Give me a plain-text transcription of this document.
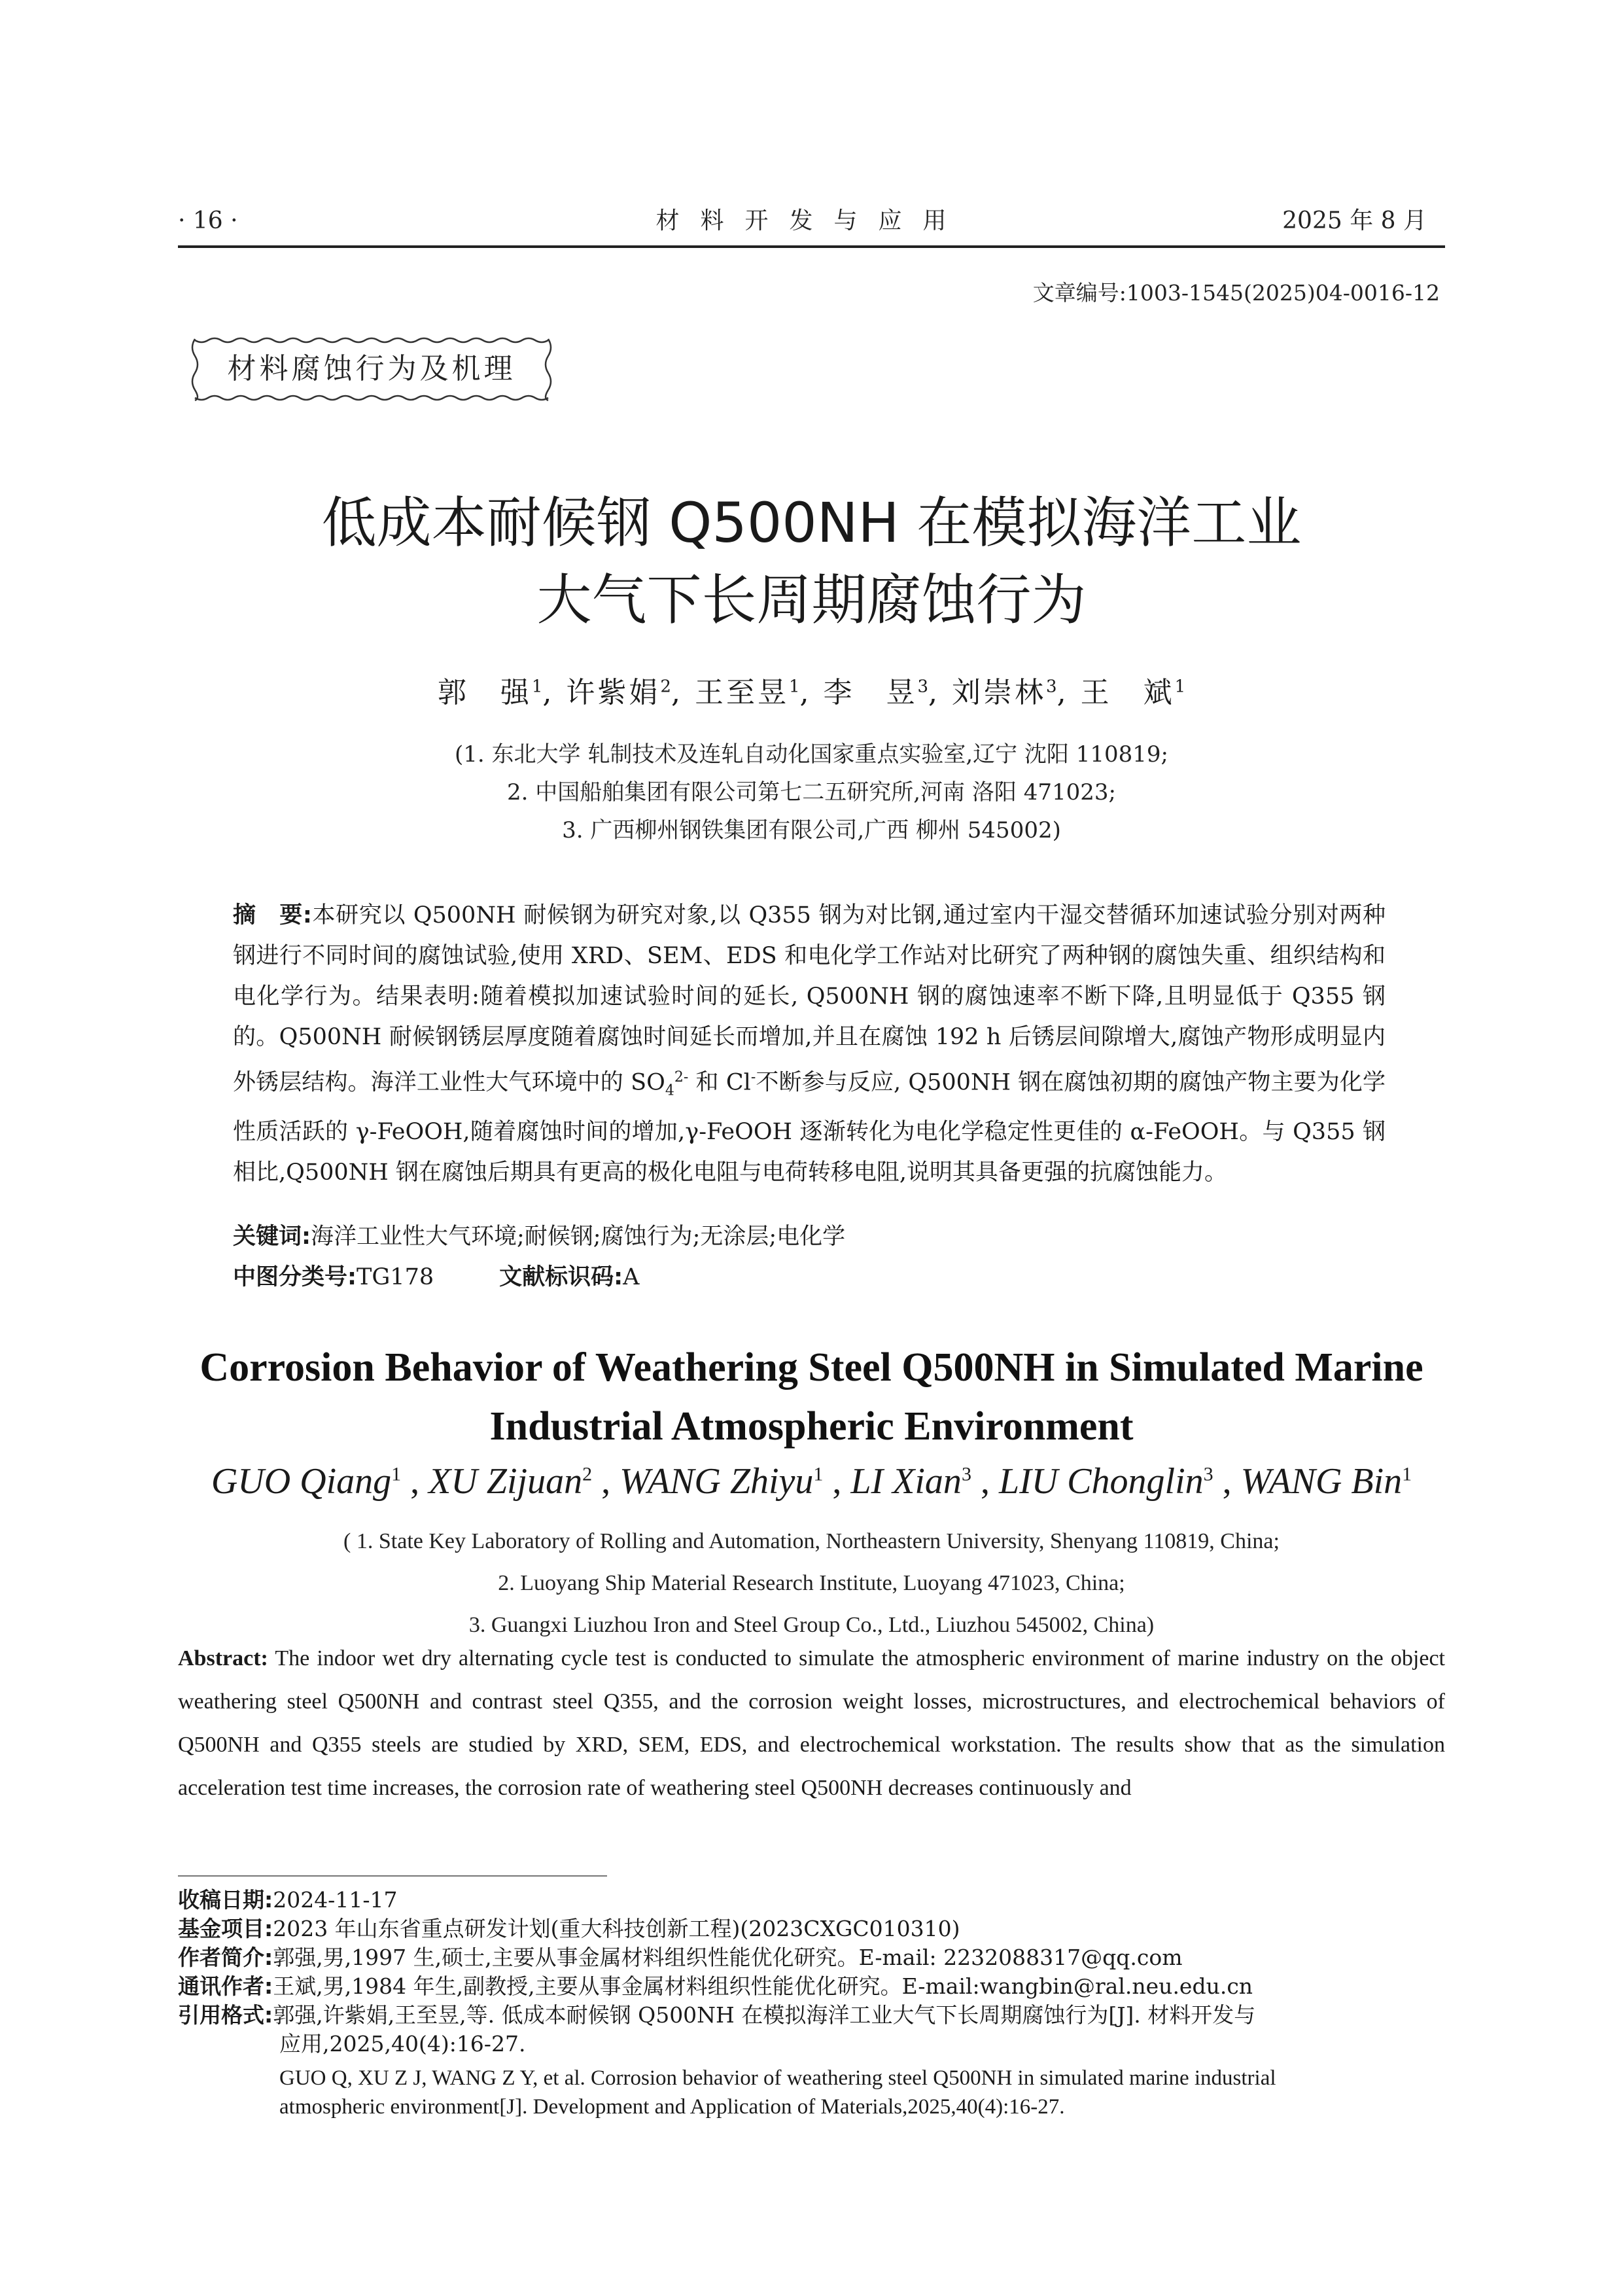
· 16 ·	材料开发与应用	2025 年 8 月
文章编号:1003-1545(2025)04-0016-12
材料腐蚀行为及机理
低成本耐候钢 Q500NH 在模拟海洋工业
大气下长周期腐蚀行为
郭　强$^1$, 许紫娟$^2$, 王至昱$^1$, 李　昱$^3$, 刘崇林$^3$, 王　斌$^1$
(1. 东北大学 轧制技术及连轧自动化国家重点实验室,辽宁 沈阳 110819;
2. 中国船舶集团有限公司第七二五研究所,河南 洛阳 471023;
3. 广西柳州钢铁集团有限公司,广西 柳州 545002)
摘　要:本研究以 Q500NH 耐候钢为研究对象,以 Q355 钢为对比钢,通过室内干湿交替循环加速试验分别对两种钢进行不同时间的腐蚀试验,使用 XRD、SEM、EDS 和电化学工作站对比研究了两种钢的腐蚀失重、组织结构和电化学行为。结果表明:随着模拟加速试验时间的延长, Q500NH 钢的腐蚀速率不断下降,且明显低于 Q355 钢的。Q500NH 耐候钢锈层厚度随着腐蚀时间延长而增加,并且在腐蚀 192 h 后锈层间隙增大,腐蚀产物形成明显内外锈层结构。海洋工业性大气环境中的 $SO_4^{2-}$ 和 Cl-不断参与反应, Q500NH 钢在腐蚀初期的腐蚀产物主要为化学性质活跃的 γ-FeOOH,随着腐蚀时间的增加,γ-FeOOH 逐渐转化为电化学稳定性更佳的 α-FeOOH。与 Q355 钢相比,Q500NH 钢在腐蚀后期具有更高的极化电阻与电荷转移电阻,说明其具备更强的抗腐蚀能力。
关键词:海洋工业性大气环境;耐候钢;腐蚀行为;无涂层;电化学
中图分类号:TG178	文献标识码:A
Corrosion Behavior of Weathering Steel Q500NH in Simulated Marine
Industrial Atmospheric Environment
GUO Qiang$^1$ , XU Zijuan$^2$ , WANG Zhiyu$^1$ , LI Xian$^3$ , LIU Chonglin$^3$ , WANG Bin$^1$
( 1. State Key Laboratory of Rolling and Automation, Northeastern University, Shenyang 110819, China;
2. Luoyang Ship Material Research Institute, Luoyang 471023, China;
3. Guangxi Liuzhou Iron and Steel Group Co., Ltd., Liuzhou 545002, China)
Abstract: The indoor wet dry alternating cycle test is conducted to simulate the atmospheric environment of marine industry on the object weathering steel Q500NH and contrast steel Q355, and the corrosion weight losses, microstructures, and electrochemical behaviors of Q500NH and Q355 steels are studied by XRD, SEM, EDS, and electrochemical workstation. The results show that as the simulation acceleration test time increases, the corrosion rate of weathering steel Q500NH decreases continuously and
收稿日期:2024-11-17
基金项目:2023 年山东省重点研发计划(重大科技创新工程)(2023CXGC010310)
作者简介:郭强,男,1997 生,硕士,主要从事金属材料组织性能优化研究。E-mail: 2232088317@qq.com
通讯作者:王斌,男,1984 年生,副教授,主要从事金属材料组织性能优化研究。E-mail:wangbin@ral.neu.edu.cn
引用格式:郭强,许紫娟,王至昱,等. 低成本耐候钢 Q500NH 在模拟海洋工业大气下长周期腐蚀行为[J]. 材料开发与
应用,2025,40(4):16-27.
GUO Q, XU Z J, WANG Z Y, et al. Corrosion behavior of weathering steel Q500NH in simulated marine industrial
atmospheric environment[J]. Development and Application of Materials,2025,40(4):16-27.
